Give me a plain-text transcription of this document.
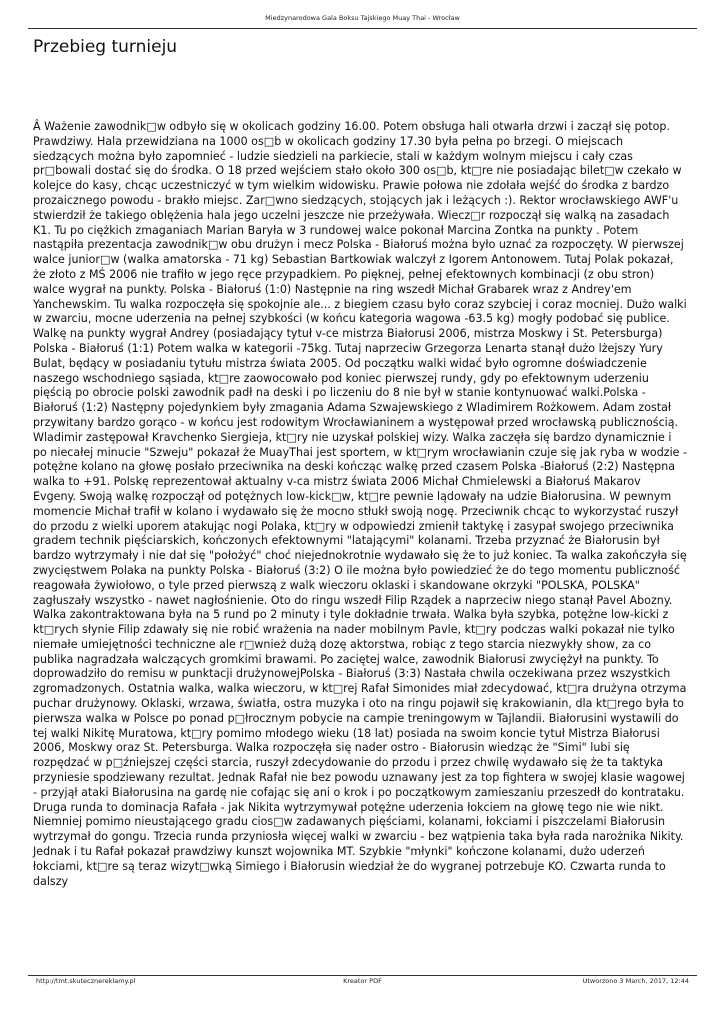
Miedzynarodowa Gala Boksu Tajskiego Muay Thai - Wrocław
Przebieg turnieju

Â Ważenie zawodnik□w odbyło się w okolicach godziny 16.00. Potem obsługa hali otwarła drzwi i zaczął się potop. Prawdziwy. Hala przewidziana na 1000 os□b w okolicach godziny 17.30 była pełna po brzegi. O miejscach siedzących można było zapomnieć - ludzie siedzieli na parkiecie, stali w każdym wolnym miejscu i cały czas pr□bowali dostać się do środka. O 18 przed wejściem stało około 300 os□b, kt□re nie posiadając bilet□w czekało w kolejce do kasy, chcąc uczestniczyć w tym wielkim widowisku. Prawie połowa nie zdołała wejść do środka z bardzo prozaicznego powodu - brakło miejsc. Zar□wno siedzących, stojących jak i leżących :). Rektor wrocławskiego AWF'u stwierdził że takiego oblężenia hala jego uczelni jeszcze nie przeżywała. Wiecz□r rozpoczął się walką na zasadach K1. Tu po ciężkich zmaganiach Marian Baryła w 3 rundowej walce pokonał Marcina Zontka na punkty . Potem nastąpiła prezentacja zawodnik□w obu drużyn i mecz Polska - Białoruś można było uznać za rozpoczęty. W pierwszej walce junior□w (walka amatorska - 71 kg) Sebastian Bartkowiak walczył z Igorem Antonowem. Tutaj Polak pokazał, że złoto z MŚ 2006 nie trafiło w jego ręce przypadkiem. Po pięknej, pełnej efektownych kombinacji (z obu stron) walce wygrał na punkty. Polska - Białoruś (1:0) Następnie na ring wszedł Michał Grabarek wraz z Andrey'em Yanchewskim. Tu walka rozpoczęła się spokojnie ale... z biegiem czasu było coraz szybciej i coraz mocniej. Dużo walki w zwarciu, mocne uderzenia na pełnej szybkości (w końcu kategoria wagowa -63.5 kg) mogły podobać się publice. Walkę na punkty wygrał Andrey (posiadający tytuł v-ce mistrza Białorusi 2006, mistrza Moskwy i St. Petersburga) Polska - Białoruś (1:1) Potem walka w kategorii -75kg. Tutaj naprzeciw Grzegorza Lenarta stanął dużo lżejszy Yury Bulat, będący w posiadaniu tytułu mistrza świata 2005. Od początku walki widać było ogromne doświadczenie naszego wschodniego sąsiada, kt□re zaowocowało pod koniec pierwszej rundy, gdy po efektownym uderzeniu pięścią po obrocie polski zawodnik padł na deski i po liczeniu do 8 nie był w stanie kontynuować walki.Polska - Białoruś (1:2) Następny pojedynkiem były zmagania Adama Szwajewskiego z Wladimirem Rożkowem. Adam został przywitany bardzo gorąco - w końcu jest rodowitym Wrocławianinem a występował przed wrocławską publicznością. Wladimir zastępował Kravchenko Siergieja, kt□ry nie uzyskał polskiej wizy. Walka zaczęła się bardzo dynamicznie i po niecałej minucie "Szweju" pokazał że MuayThai jest sportem, w kt□rym wrocławianin czuje się jak ryba w wodzie - potężne kolano na głowę posłało przeciwnika na deski kończąc walkę przed czasem Polska -Białoruś (2:2) Następna walka to +91. Polskę reprezentował aktualny v-ca mistrz świata 2006 Michał Chmielewski a Białoruś Makarov Evgeny. Swoją walkę rozpoczął od potężnych low-kick□w, kt□re pewnie lądowały na udzie Białorusina. W pewnym momencie Michał trafił w kolano i wydawało się że mocno stłukł swoją nogę. Przeciwnik chcąc to wykorzystać ruszył do przodu z wielki uporem atakując nogi Polaka, kt□ry w odpowiedzi zmienił taktykę i zasypał swojego przeciwnika gradem technik pięściarskich, kończonych efektownymi "latającymi" kolanami. Trzeba przyznać że Białorusin był bardzo wytrzymały i nie dał się "położyć" choć niejednokrotnie wydawało się że to już koniec. Ta walka zakończyła się zwycięstwem Polaka na punkty Polska - Białoruś (3:2) O ile można było powiedzieć że do tego momentu publiczność reagowała żywiołowo, o tyle przed pierwszą z walk wieczoru oklaski i skandowane okrzyki "POLSKA, POLSKA" zagłuszały wszystko - nawet nagłośnienie. Oto do ringu wszedł Filip Rządek a naprzeciw niego stanął Pavel Abozny. Walka zakontraktowana była na 5 rund po 2 minuty i tyle dokładnie trwała. Walka była szybka, potężne low-kicki z kt□rych słynie Filip zdawały się nie robić wrażenia na nader mobilnym Pavle, kt□ry podczas walki pokazał nie tylko niemałe umiejętności techniczne ale r□wnież dużą dozę aktorstwa, robiąc z tego starcia niezwykły show, za co publika nagradzała walczących gromkimi brawami. Po zaciętej walce, zawodnik Białorusi zwyciężył na punkty. To doprowadziło do remisu w punktacji drużynowejPolska - Białoruś (3:3) Nastała chwila oczekiwana przez wszystkich zgromadzonych. Ostatnia walka, walka wieczoru, w kt□rej Rafał Simonides miał zdecydować, kt□ra drużyna otrzyma puchar drużynowy. Oklaski, wrzawa, światła, ostra muzyka i oto na ringu pojawił się krakowianin, dla kt□rego była to pierwsza walka w Polsce po ponad p□łrocznym pobycie na campie treningowym w Tajlandii. Białorusini wystawili do tej walki Nikitę Muratowa, kt□ry pomimo młodego wieku (18 lat) posiada na swoim koncie tytuł Mistrza Białorusi 2006, Moskwy oraz St. Petersburga. Walka rozpoczęła się nader ostro - Białorusin wiedząc że "Simi" lubi się rozpędzać w p□źniejszej części starcia, ruszył zdecydowanie do przodu i przez chwilę wydawało się że ta taktyka przyniesie spodziewany rezultat. Jednak Rafał nie bez powodu uznawany jest za top fightera w swojej klasie wagowej - przyjął ataki Białorusina na gardę nie cofając się ani o krok i po początkowym zamieszaniu przeszedł do kontrataku. Druga runda to dominacja Rafała - jak Nikita wytrzymywał potężne uderzenia łokciem na głowę tego nie wie nikt. Niemniej pomimo nieustającego gradu cios□w zadawanych pięściami, kolanami, łokciami i piszczelami Białorusin wytrzymał do gongu. Trzecia runda przyniosła więcej walki w zwarciu - bez wątpienia taka była rada narożnika Nikity. Jednak i tu Rafał pokazał prawdziwy kunszt wojownika MT. Szybkie "młynki" kończone kolanami, dużo uderzeń łokciami, kt□re są teraz wizyt□wką Simiego i Białorusin wiedział że do wygranej potrzebuje KO. Czwarta runda to dalszy

http://tmt.skutecznereklamy.pl	Kreator PDF	Utworzono 3 March, 2017, 12:44
